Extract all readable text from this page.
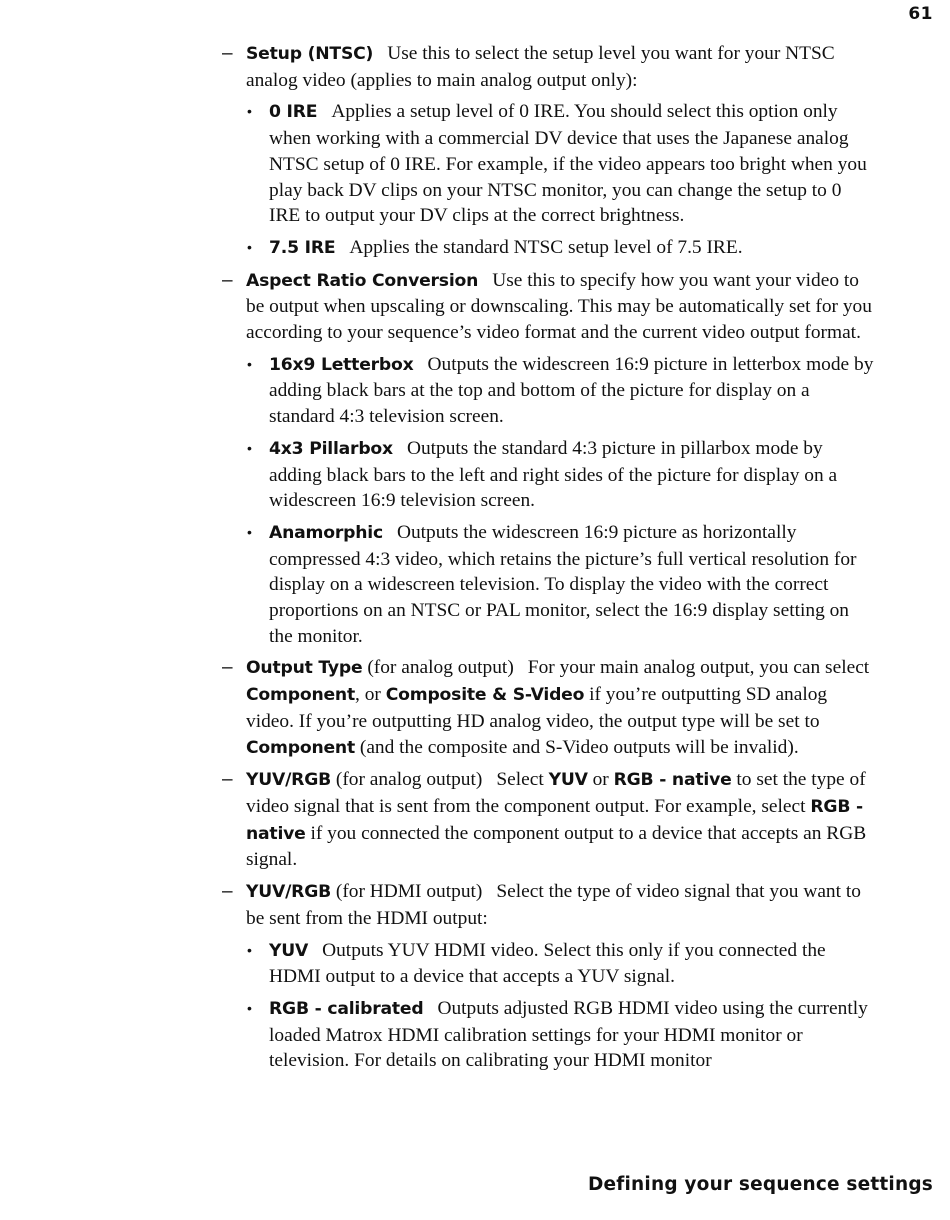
61
– Setup (NTSC) Use this to select the setup level you want for your NTSC analog video (applies to main analog output only):
• 0 IRE Applies a setup level of 0 IRE. You should select this option only when working with a commercial DV device that uses the Japanese analog NTSC setup of 0 IRE. For example, if the video appears too bright when you play back DV clips on your NTSC monitor, you can change the setup to 0 IRE to output your DV clips at the correct brightness.
• 7.5 IRE Applies the standard NTSC setup level of 7.5 IRE.
– Aspect Ratio Conversion Use this to specify how you want your video to be output when upscaling or downscaling. This may be automatically set for you according to your sequence’s video format and the current video output format.
• 16x9 Letterbox Outputs the widescreen 16:9 picture in letterbox mode by adding black bars at the top and bottom of the picture for display on a standard 4:3 television screen.
• 4x3 Pillarbox Outputs the standard 4:3 picture in pillarbox mode by adding black bars to the left and right sides of the picture for display on a widescreen 16:9 television screen.
• Anamorphic Outputs the widescreen 16:9 picture as horizontally compressed 4:3 video, which retains the picture’s full vertical resolution for display on a widescreen television. To display the video with the correct proportions on an NTSC or PAL monitor, select the 16:9 display setting on the monitor.
– Output Type (for analog output) For your main analog output, you can select Component, or Composite & S-Video if you’re outputting SD analog video. If you’re outputting HD analog video, the output type will be set to Component (and the composite and S-Video outputs will be invalid).
– YUV/RGB (for analog output) Select YUV or RGB - native to set the type of video signal that is sent from the component output. For example, select RGB - native if you connected the component output to a device that accepts an RGB signal.
– YUV/RGB (for HDMI output) Select the type of video signal that you want to be sent from the HDMI output:
• YUV Outputs YUV HDMI video. Select this only if you connected the HDMI output to a device that accepts a YUV signal.
• RGB - calibrated Outputs adjusted RGB HDMI video using the currently loaded Matrox HDMI calibration settings for your HDMI monitor or television. For details on calibrating your HDMI monitor
Defining your sequence settings
